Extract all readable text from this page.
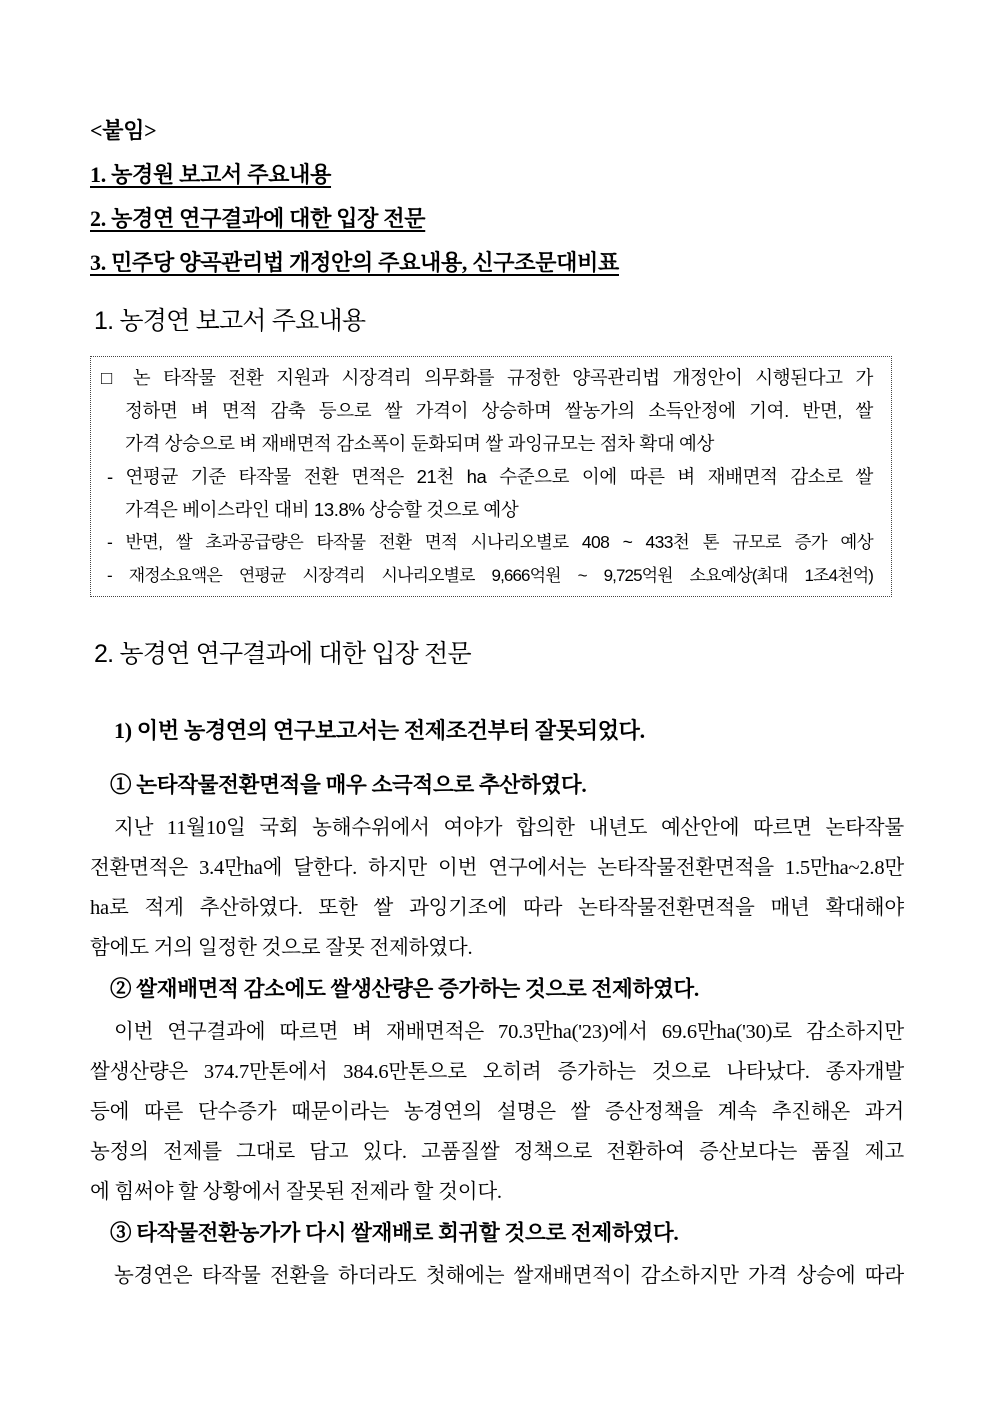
<붙임>
1. 농경원 보고서 주요내용
2. 농경연 연구결과에 대한 입장 전문
3. 민주당 양곡관리법 개정안의 주요내용, 신구조문대비표
1. 농경연 보고서 주요내용
□ 논 타작물 전환 지원과 시장격리 의무화를 규정한 양곡관리법 개정안이 시행된다고 가
정하면 벼 면적 감축 등으로 쌀 가격이 상승하며 쌀농가의 소득안정에 기여. 반면, 쌀
가격 상승으로 벼 재배면적 감소폭이 둔화되며 쌀 과잉규모는 점차 확대 예상
- 연평균 기준 타작물 전환 면적은 21천 ha 수준으로 이에 따른 벼 재배면적 감소로 쌀
가격은 베이스라인 대비 13.8% 상승할 것으로 예상
- 반면, 쌀 초과공급량은 타작물 전환 면적 시나리오별로 408 ~ 433천 톤 규모로 증가 예상
- 재정소요액은 연평균 시장격리 시나리오별로 9,666억원 ~ 9,725억원 소요예상(최대 1조4천억)
2. 농경연 연구결과에 대한 입장 전문
1) 이번 농경연의 연구보고서는 전제조건부터 잘못되었다.
① 논타작물전환면적을 매우 소극적으로 추산하였다.
지난 11월10일 국회 농해수위에서 여야가 합의한 내년도 예산안에 따르면 논타작물
전환면적은 3.4만ha에 달한다. 하지만 이번 연구에서는 논타작물전환면적을 1.5만ha~2.8만
ha로 적게 추산하였다. 또한 쌀 과잉기조에 따라 논타작물전환면적을 매년 확대해야
함에도 거의 일정한 것으로 잘못 전제하였다.
② 쌀재배면적 감소에도 쌀생산량은 증가하는 것으로 전제하였다.
이번 연구결과에 따르면 벼 재배면적은 70.3만ha('23)에서 69.6만ha('30)로 감소하지만
쌀생산량은 374.7만톤에서 384.6만톤으로 오히려 증가하는 것으로 나타났다. 종자개발
등에 따른 단수증가 때문이라는 농경연의 설명은 쌀 증산정책을 계속 추진해온 과거
농정의 전제를 그대로 담고 있다. 고품질쌀 정책으로 전환하여 증산보다는 품질 제고
에 힘써야 할 상황에서 잘못된 전제라 할 것이다.
③ 타작물전환농가가 다시 쌀재배로 회귀할 것으로 전제하였다.
농경연은 타작물 전환을 하더라도 첫해에는 쌀재배면적이 감소하지만 가격 상승에 따라
